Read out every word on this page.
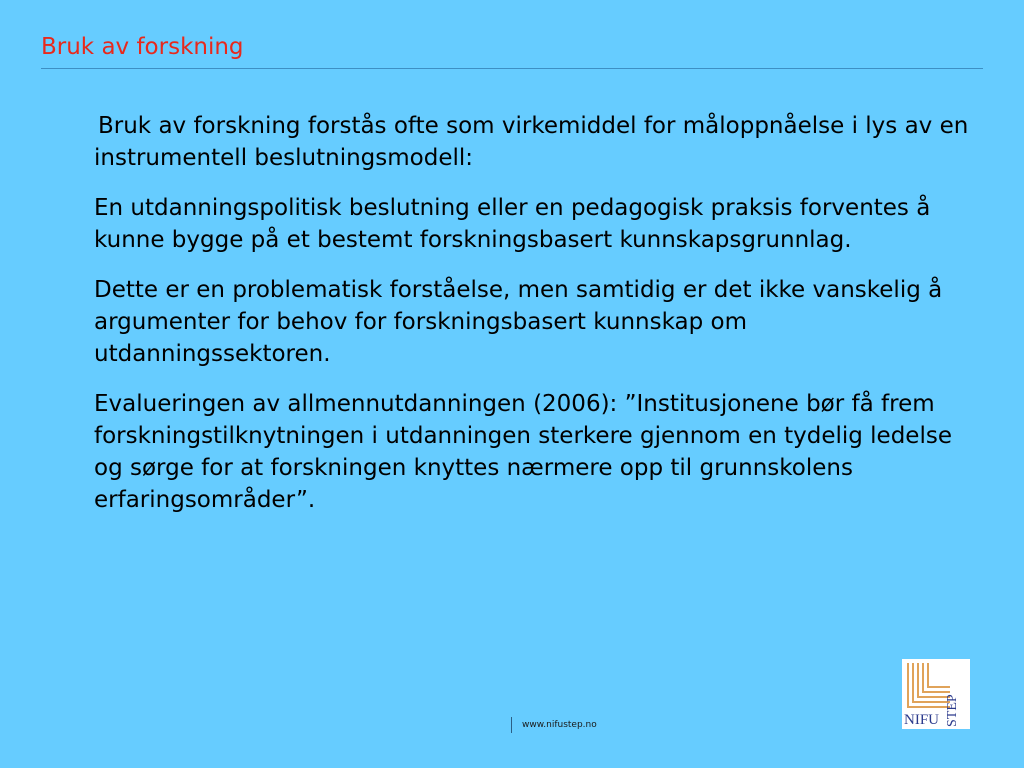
Bruk av forskning

Bruk av forskning forstås ofte som virkemiddel for måloppnåelse i lys av en instrumentell beslutningsmodell:

En utdanningspolitisk beslutning eller en pedagogisk praksis forventes å kunne bygge på et bestemt forskningsbasert kunnskapsgrunnlag.

Dette er en problematisk forståelse, men samtidig er det ikke vanskelig å argumenter for behov for forskningsbasert kunnskap om utdanningssektoren.

Evalueringen av allmennutdanningen (2006): ”Institusjonene bør få frem forskningstilknytningen i utdanningen sterkere gjennom en tydelig ledelse og sørge for at forskningen knyttes nærmere opp til grunnskolens erfaringsområder”.

www.nifustep.no	NIFU STEP
